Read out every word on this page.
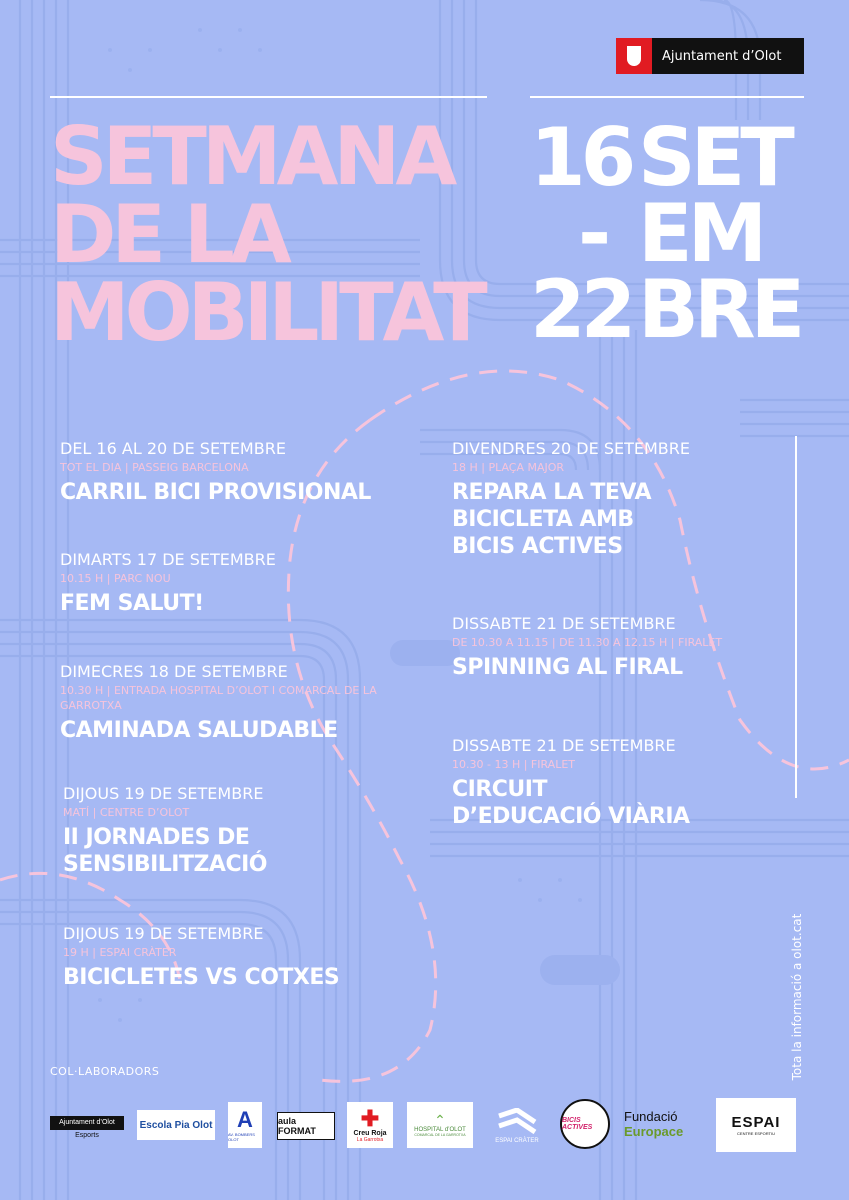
Ajuntament d’Olot
SETMANA
DE LA
MOBILITAT
16 SET
- EM
22 BRE
DEL 16 AL 20 DE SETEMBRE
TOT EL DIA | PASSEIG BARCELONA
CARRIL BICI PROVISIONAL
DIMARTS 17 DE SETEMBRE
10.15 H | PARC NOU
FEM SALUT!
DIMECRES 18 DE SETEMBRE
10.30 H | ENTRADA HOSPITAL D’OLOT I COMARCAL DE LA GARROTXA
CAMINADA SALUDABLE
DIJOUS 19 DE SETEMBRE
MATÍ | CENTRE D’OLOT
II JORNADES DE
SENSIBILITZACIÓ
DIJOUS 19 DE SETEMBRE
19 H | ESPAI CRÀTER
BICICLETES VS COTXES
DIVENDRES 20 DE SETEMBRE
18 H | PLAÇA MAJOR
REPARA LA TEVA
BICICLETA AMB
BICIS ACTIVES
DISSABTE 21 DE SETEMBRE
DE 10.30 A 11.15 | DE 11.30 A 12.15 H | FIRALET
SPINNING AL FIRAL
DISSABTE 21 DE SETEMBRE
10.30 - 13 H | FIRALET
CIRCUIT
D’EDUCACIÓ VIÀRIA
Tota la informació a olot.cat
COL·LABORADORS
Ajuntament d’Olot
Esports
Escola Pia Olot A
AV. BOMBERS OLOT
aula FORMAT
✚
Creu Roja
La Garrotxa
⌃
HOSPITAL d’OLOT
COMARCAL DE LA GARROTXA
ESPAI CRÀTER
BICIS ACTIVES
Fundació
Europace
ESPAI
CENTRE ESPORTIU
